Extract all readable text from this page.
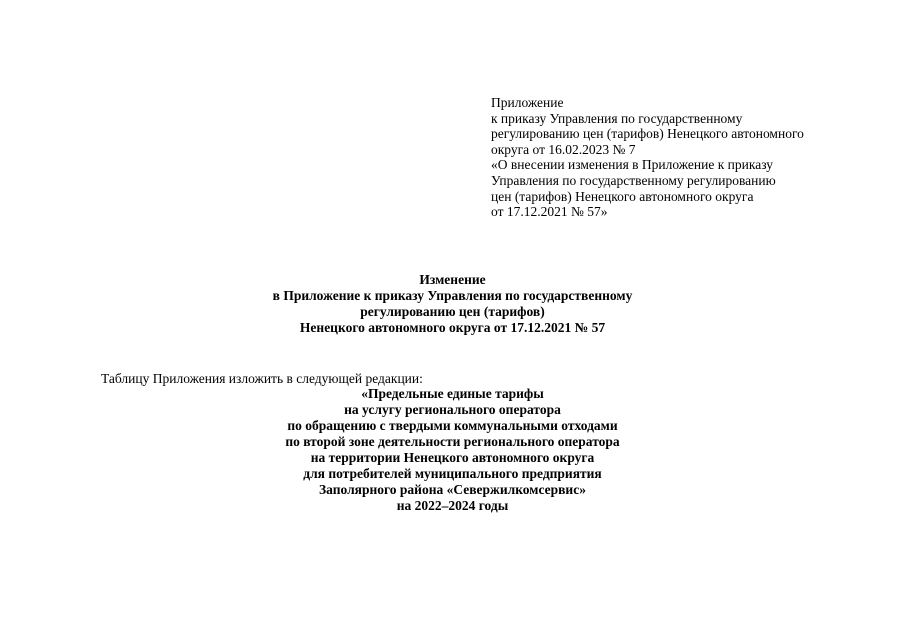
Приложение
к приказу Управления по государственному
регулированию цен (тарифов) Ненецкого автономного
округа от 16.02.2023 № 7
«О внесении изменения в Приложение к приказу
Управления по государственному регулированию
цен (тарифов) Ненецкого автономного округа
от 17.12.2021 № 57»
Изменение
в Приложение к приказу Управления по государственному
регулированию цен (тарифов)
Ненецкого автономного округа от 17.12.2021 № 57
Таблицу Приложения изложить в следующей редакции:
«Предельные единые тарифы
на услугу регионального оператора
по обращению с твердыми коммунальными отходами
по второй зоне деятельности регионального оператора
на территории Ненецкого автономного округа
для потребителей муниципального предприятия
Заполярного района «Севержилкомсервис»
на 2022–2024 годы
